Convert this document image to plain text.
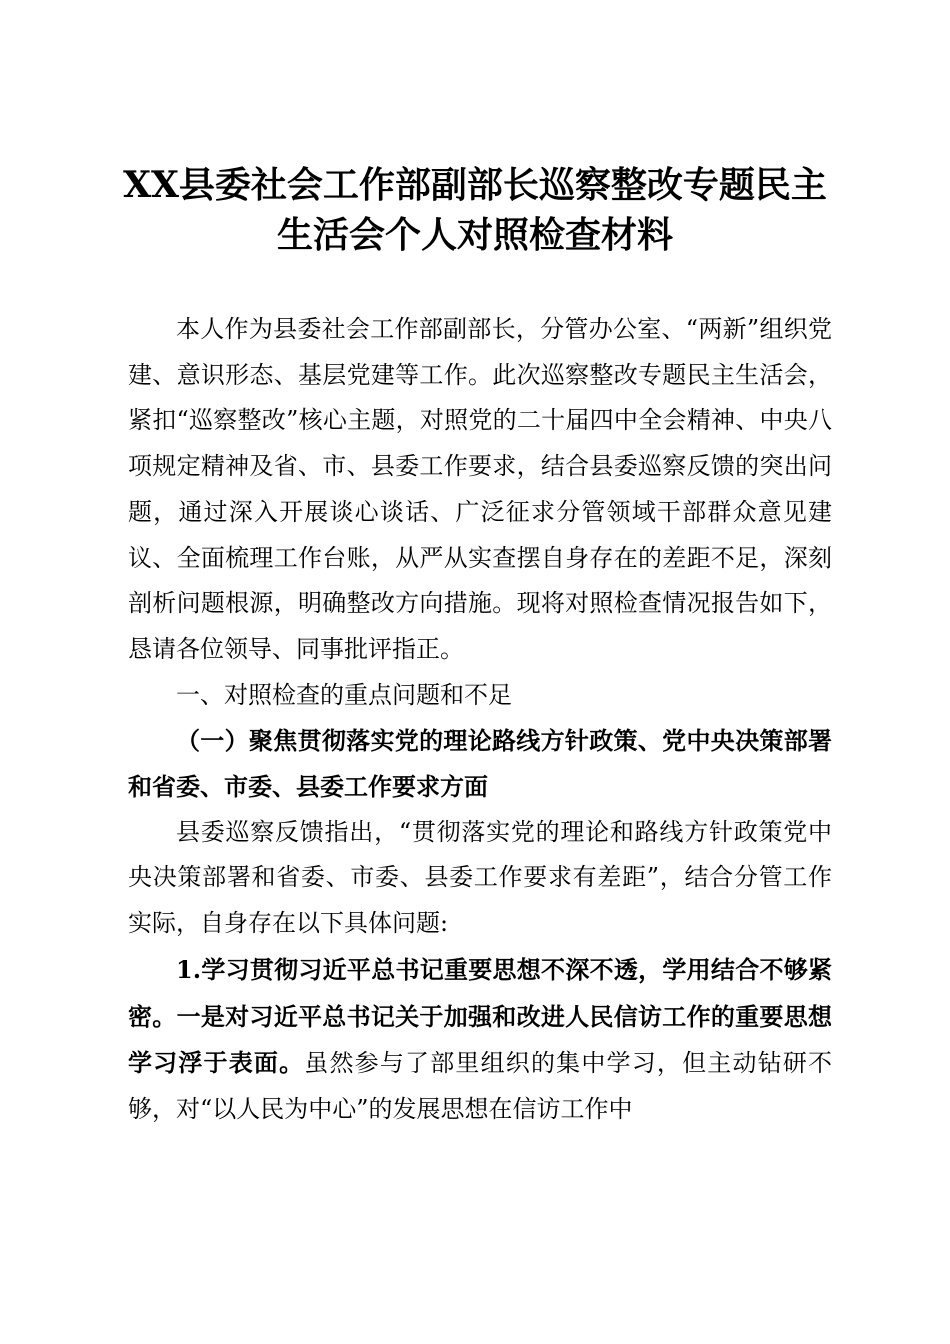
XX县委社会工作部副部长巡察整改专题民主
生活会个人对照检查材料

本人作为县委社会工作部副部长，分管办公室、“两新”组织党建、意识形态、基层党建等工作。此次巡察整改专题民主生活会，紧扣“巡察整改”核心主题，对照党的二十届四中全会精神、中央八项规定精神及省、市、县委工作要求，结合县委巡察反馈的突出问题，通过深入开展谈心谈话、广泛征求分管领域干部群众意见建议、全面梳理工作台账，从严从实查摆自身存在的差距不足，深刻剖析问题根源，明确整改方向措施。现将对照检查情况报告如下，恳请各位领导、同事批评指正。

一、对照检查的重点问题和不足

（一）聚焦贯彻落实党的理论路线方针政策、党中央决策部署和省委、市委、县委工作要求方面

县委巡察反馈指出，“贯彻落实党的理论和路线方针政策党中央决策部署和省委、市委、县委工作要求有差距”，结合分管工作实际，自身存在以下具体问题:

1.学习贯彻习近平总书记重要思想不深不透，学用结合不够紧密。一是对习近平总书记关于加强和改进人民信访工作的重要思想学习浮于表面。虽然参与了部里组织的集中学习，但主动钻研不够，对“以人民为中心”的发展思想在信访工作中
